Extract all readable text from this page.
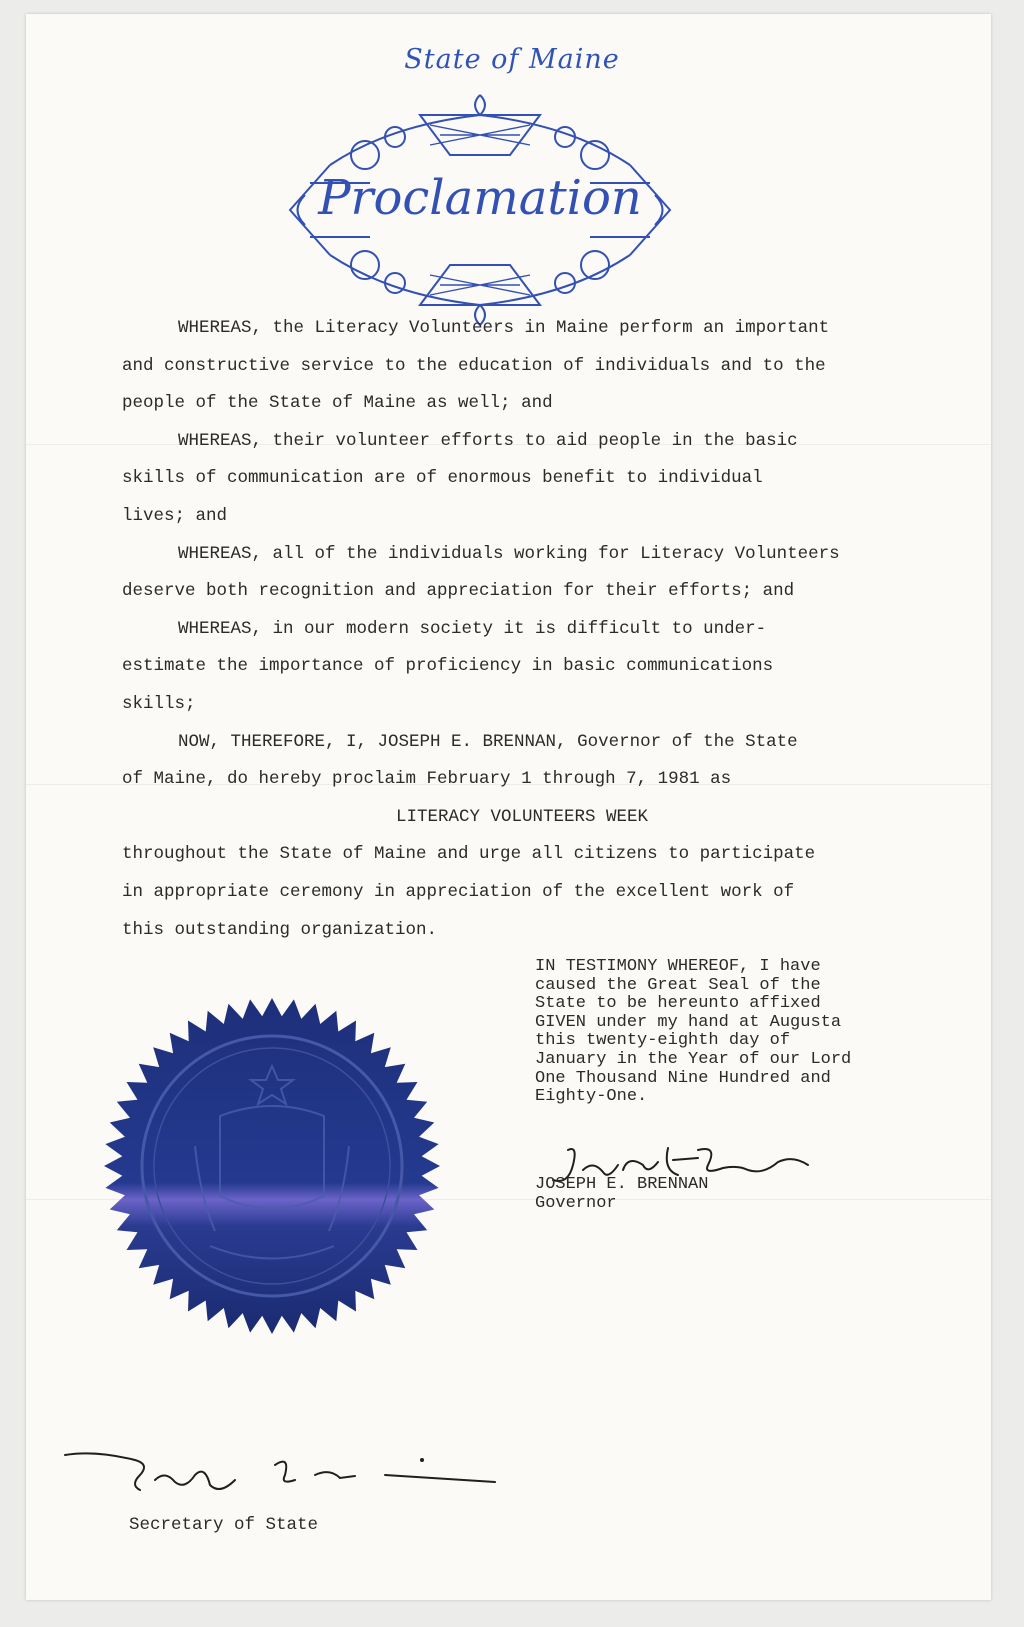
State of Maine
Proclamation
WHEREAS, the Literacy Volunteers in Maine perform an important
and constructive service to the education of individuals and to the
people of the State of Maine as well; and
WHEREAS, their volunteer efforts to aid people in the basic
skills of communication are of enormous benefit to individual
lives; and
WHEREAS, all of the individuals working for Literacy Volunteers
deserve both recognition and appreciation for their efforts; and
WHEREAS, in our modern society it is difficult to under-
estimate the importance of proficiency in basic communications
skills;
NOW, THEREFORE, I, JOSEPH E. BRENNAN, Governor of the State
of Maine, do hereby proclaim February 1 through 7, 1981 as
LITERACY VOLUNTEERS WEEK
throughout the State of Maine and urge all citizens to participate
in appropriate ceremony in appreciation of the excellent work of
this outstanding organization.
IN TESTIMONY WHEREOF, I have
caused the Great Seal of the
State to be hereunto affixed
GIVEN under my hand at Augusta
this twenty-eighth day of
January in the Year of our Lord
One Thousand Nine Hundred and
Eighty-One.
JOSEPH E. BRENNAN
Governor
Secretary of State
